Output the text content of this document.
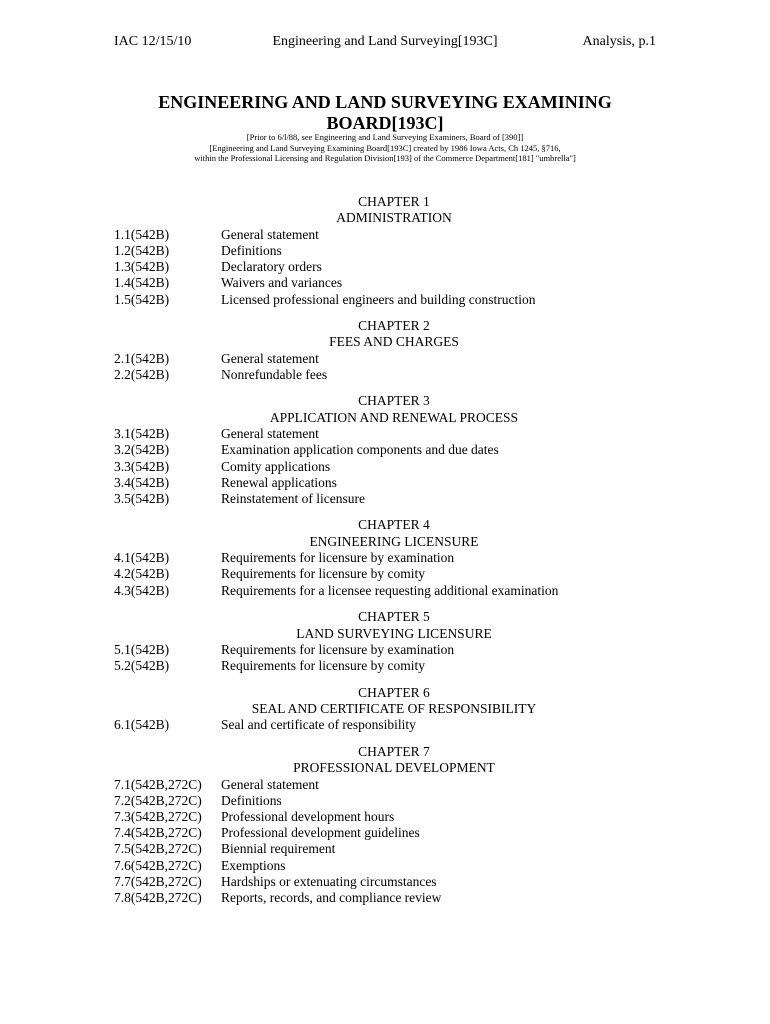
IAC 12/15/10	Engineering and Land Surveying[193C]	Analysis, p.1
ENGINEERING AND LAND SURVEYING EXAMINING
BOARD[193C]
[Prior to 6/l/88, see Engineering and Land Surveying Examiners, Board of [390]]
[Engineering and Land Surveying Examining Board[193C] created by 1986 Iowa Acts, Ch 1245, §716,
within the Professional Licensing and Regulation Division[193] of the Commerce Department[181] "umbrella"]
CHAPTER 1
ADMINISTRATION
1.1(542B)	General statement
1.2(542B)	Definitions
1.3(542B)	Declaratory orders
1.4(542B)	Waivers and variances
1.5(542B)	Licensed professional engineers and building construction
CHAPTER 2
FEES AND CHARGES
2.1(542B)	General statement
2.2(542B)	Nonrefundable fees
CHAPTER 3
APPLICATION AND RENEWAL PROCESS
3.1(542B)	General statement
3.2(542B)	Examination application components and due dates
3.3(542B)	Comity applications
3.4(542B)	Renewal applications
3.5(542B)	Reinstatement of licensure
CHAPTER 4
ENGINEERING LICENSURE
4.1(542B)	Requirements for licensure by examination
4.2(542B)	Requirements for licensure by comity
4.3(542B)	Requirements for a licensee requesting additional examination
CHAPTER 5
LAND SURVEYING LICENSURE
5.1(542B)	Requirements for licensure by examination
5.2(542B)	Requirements for licensure by comity
CHAPTER 6
SEAL AND CERTIFICATE OF RESPONSIBILITY
6.1(542B)	Seal and certificate of responsibility
CHAPTER 7
PROFESSIONAL DEVELOPMENT
7.1(542B,272C)	General statement
7.2(542B,272C)	Definitions
7.3(542B,272C)	Professional development hours
7.4(542B,272C)	Professional development guidelines
7.5(542B,272C)	Biennial requirement
7.6(542B,272C)	Exemptions
7.7(542B,272C)	Hardships or extenuating circumstances
7.8(542B,272C)	Reports, records, and compliance review
